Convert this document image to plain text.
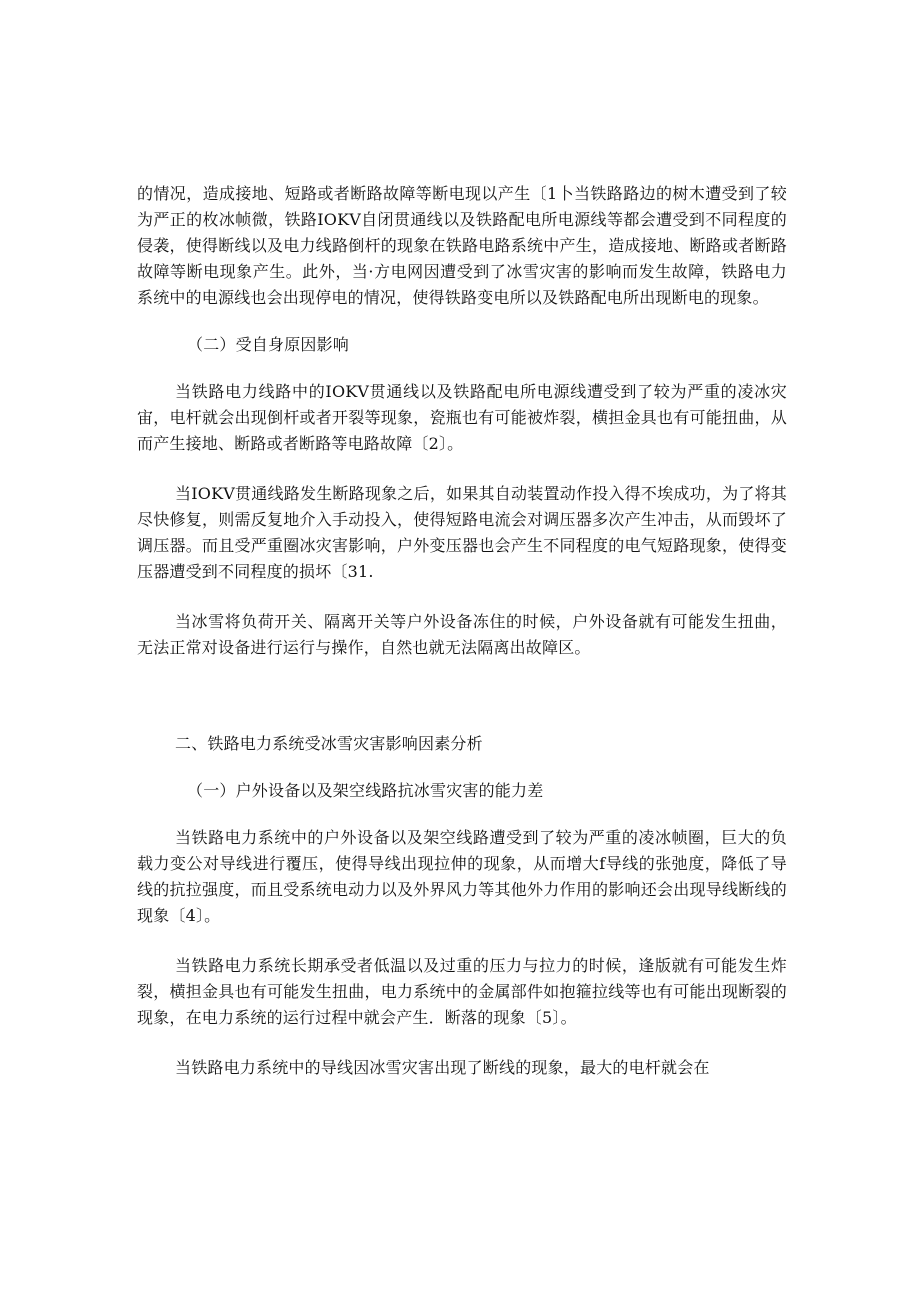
的情况，造成接地、短路或者断路故障等断电现以产生〔1卜当铁路路边的树木遭受到了较为严正的枚冰帧微，铁路IOKV自闭贯通线以及铁路配电所电源线等都会遭受到不同程度的侵袭，使得断线以及电力线路倒杆的现象在铁路电路系统中产生，造成接地、断路或者断路故障等断电现象产生。此外，当·方电网因遭受到了冰雪灾害的影响而发生故障，铁路电力系统中的电源线也会出现停电的情况，使得铁路变电所以及铁路配电所出现断电的现象。

（二）受自身原因影响

当铁路电力线路中的IOKV贯通线以及铁路配电所电源线遭受到了较为严重的凌冰灾宙，电杆就会出现倒杆或者开裂等现象，瓷瓶也有可能被炸裂，横担金具也有可能扭曲，从而产生接地、断路或者断路等电路故障〔2〕。

当IOKV贯通线路发生断路现象之后，如果其自动装置动作投入得不埃成功，为了将其尽快修复，则需反复地介入手动投入，使得短路电流会对调压器多次产生冲击，从而毁坏了调压器。而且受严重圈冰灾害影响，户外变压器也会产生不同程度的电气短路现象，使得变压器遭受到不同程度的损坏〔31.

当冰雪将负荷开关、隔离开关等户外设备冻住的时候，户外设备就有可能发生扭曲，无法正常对设备进行运行与操作，自然也就无法隔离出故障区。

二、铁路电力系统受冰雪灾害影响因素分析

（一）户外设备以及架空线路抗冰雪灾害的能力差

当铁路电力系统中的户外设备以及架空线路遭受到了较为严重的凌冰帧圈，巨大的负载力变公对导线进行覆压，使得导线出现拉伸的现象，从而增大f导线的张弛度，降低了导线的抗拉强度，而且受系统电动力以及外界风力等其他外力作用的影响还会出现导线断线的现象〔4〕。

当铁路电力系统长期承受者低温以及过重的压力与拉力的时候，逢版就有可能发生炸裂，横担金具也有可能发生扭曲，电力系统中的金属部件如抱箍拉线等也有可能出现断裂的现象，在电力系统的运行过程中就会产生．断落的现象〔5〕。

当铁路电力系统中的导线因冰雪灾害出现了断线的现象，最大的电杆就会在
